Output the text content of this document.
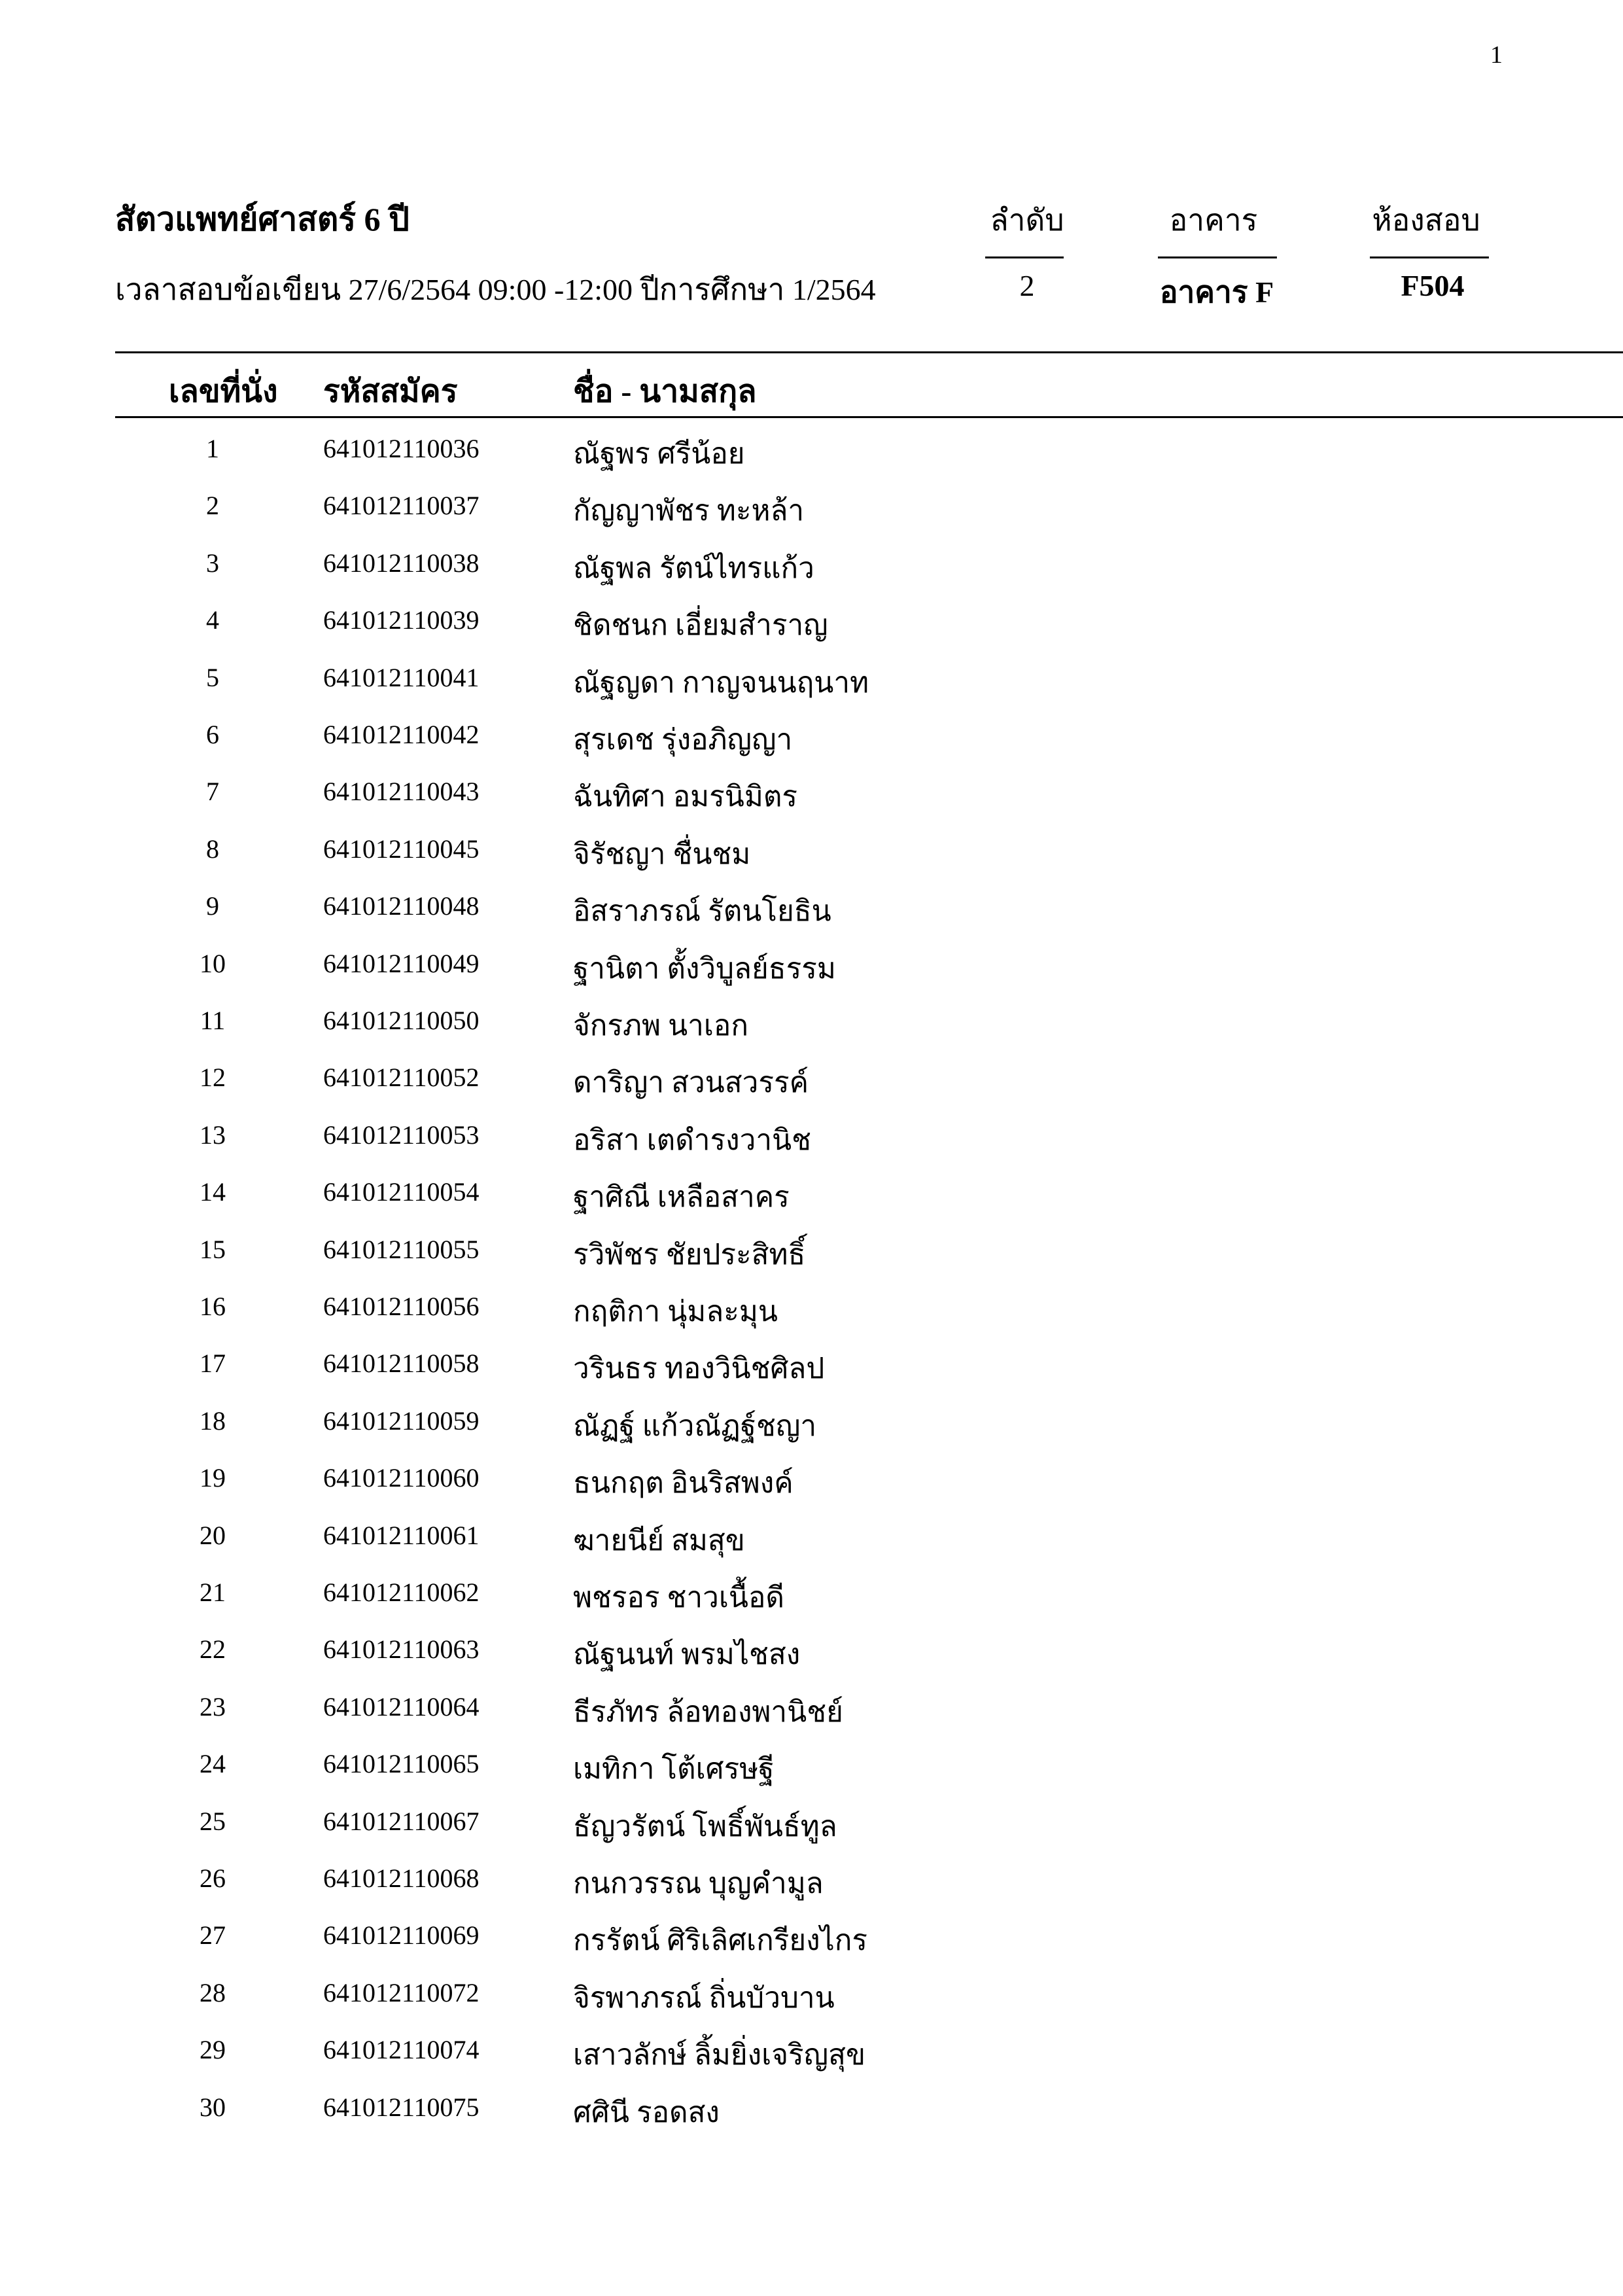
1
สัตวแพทย์ศาสตร์ 6 ปี
เวลาสอบข้อเขียน 27/6/2564 09:00 -12:00 ปีการศึกษา 1/2564
ลำดับ
2
อาคาร
อาคาร F
ห้องสอบ
F504
เลขที่นั่ง รหัสสมัคร	ชื่อ - นามสกุล
1	641012110036	ณัฐพร ศรีน้อย
2	641012110037	กัญญาพัชร ทะหล้า
3	641012110038	ณัฐพล รัตน์ไทรแก้ว
4	641012110039	ชิดชนก เอี่ยมสำราญ
5	641012110041	ณัฐญดา กาญจนนฤนาท
6	641012110042	สุรเดช รุ่งอภิญญา
7	641012110043	ฉันทิศา อมรนิมิตร
8	641012110045	จิรัชญา ชื่นชม
9	641012110048	อิสราภรณ์ รัตนโยธิน
10	641012110049	ฐานิตา ตั้งวิบูลย์ธรรม
11	641012110050	จักรภพ นาเอก
12	641012110052	ดาริญา สวนสวรรค์
13	641012110053	อริสา เตดำรงวานิช
14	641012110054	ฐาศิณี เหลือสาคร
15	641012110055	รวิพัชร ชัยประสิทธิ์
16	641012110056	กฤติกา นุ่มละมุน
17	641012110058	วรินธร ทองวินิชศิลป
18	641012110059	ณัฏฐ์ แก้วณัฏฐ์ชญา
19	641012110060	ธนกฤต อินริสพงค์
20	641012110061	ฆายนีย์ สมสุข
21	641012110062	พชรอร ชาวเนื้อดี
22	641012110063	ณัฐนนท์ พรมไชสง
23	641012110064	ธีรภัทร ล้อทองพานิชย์
24	641012110065	เมทิกา โต้เศรษฐี
25	641012110067	ธัญวรัตน์ โพธิ์พันธ์ทูล
26	641012110068	กนกวรรณ บุญคำมูล
27	641012110069	กรรัตน์ ศิริเลิศเกรียงไกร
28	641012110072	จิรพาภรณ์ ถิ่นบัวบาน
29	641012110074	เสาวลักษ์ ลิ้มยิ่งเจริญสุข
30	641012110075	ศศินี รอดสง
